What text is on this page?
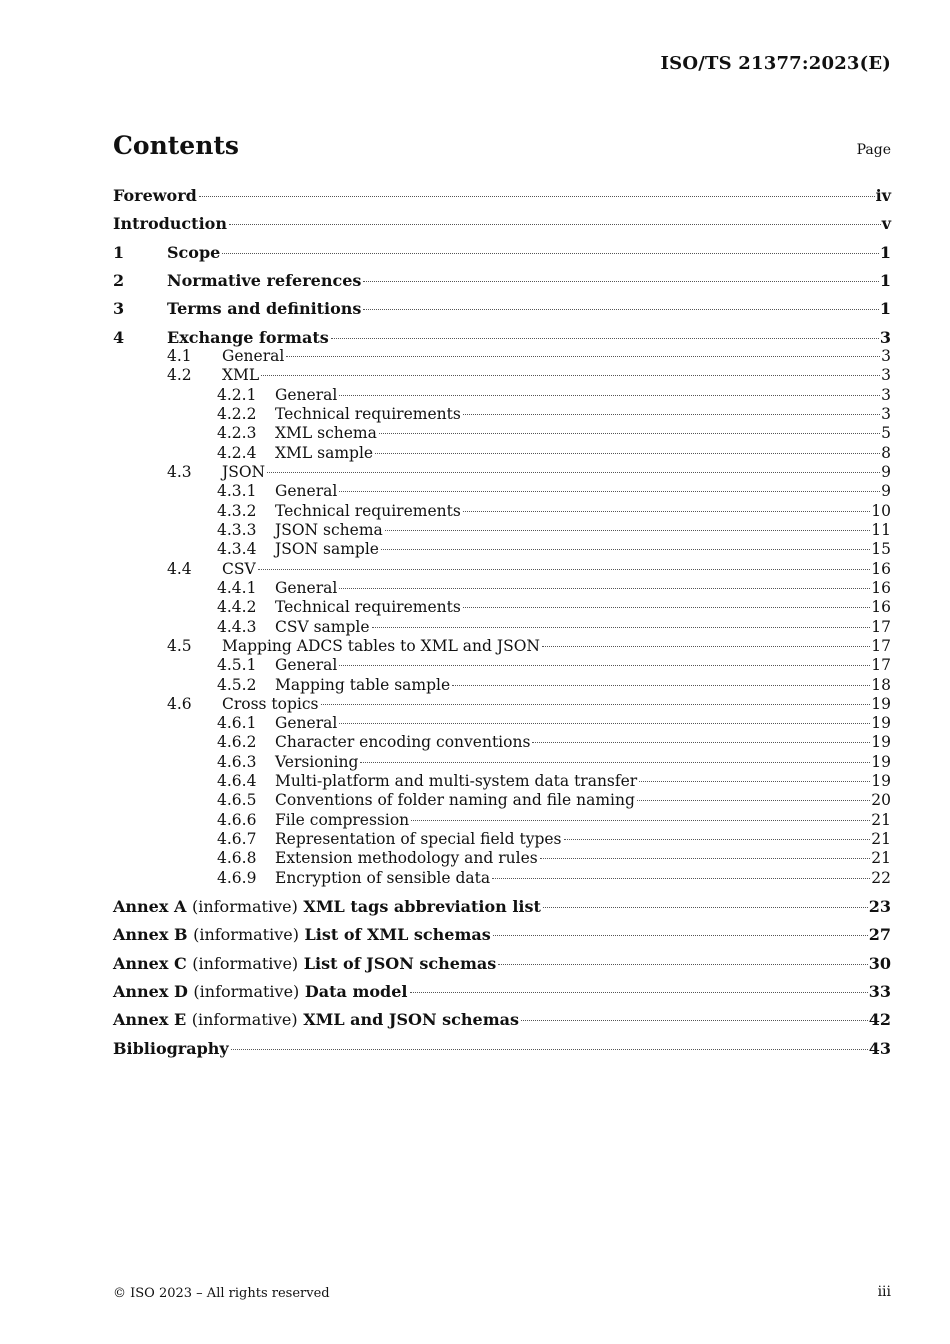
ISO/TS 21377:2023(E)
Contents	Page
Foreword	iv
Introduction	v
1	Scope	1
2	Normative references	1
3	Terms and definitions	1
4	Exchange formats	3
4.1	General	3
4.2	XML	3
4.2.1	General	3
4.2.2	Technical requirements	3
4.2.3	XML schema	5
4.2.4	XML sample	8
4.3	JSON	9
4.3.1	General	9
4.3.2	Technical requirements	10
4.3.3	JSON schema	11
4.3.4	JSON sample	15
4.4	CSV	16
4.4.1	General	16
4.4.2	Technical requirements	16
4.4.3	CSV sample	17
4.5	Mapping ADCS tables to XML and JSON	17
4.5.1	General	17
4.5.2	Mapping table sample	18
4.6	Cross topics	19
4.6.1	General	19
4.6.2	Character encoding conventions	19
4.6.3	Versioning	19
4.6.4	Multi-platform and multi-system data transfer	19
4.6.5	Conventions of folder naming and file naming	20
4.6.6	File compression	21
4.6.7	Representation of special field types	21
4.6.8	Extension methodology and rules	21
4.6.9	Encryption of sensible data	22
Annex A (informative) XML tags abbreviation list	23
Annex B (informative) List of XML schemas	27
Annex C (informative) List of JSON schemas	30
Annex D (informative) Data model	33
Annex E (informative) XML and JSON schemas	42
Bibliography	43
© ISO 2023 – All rights reserved	iii
